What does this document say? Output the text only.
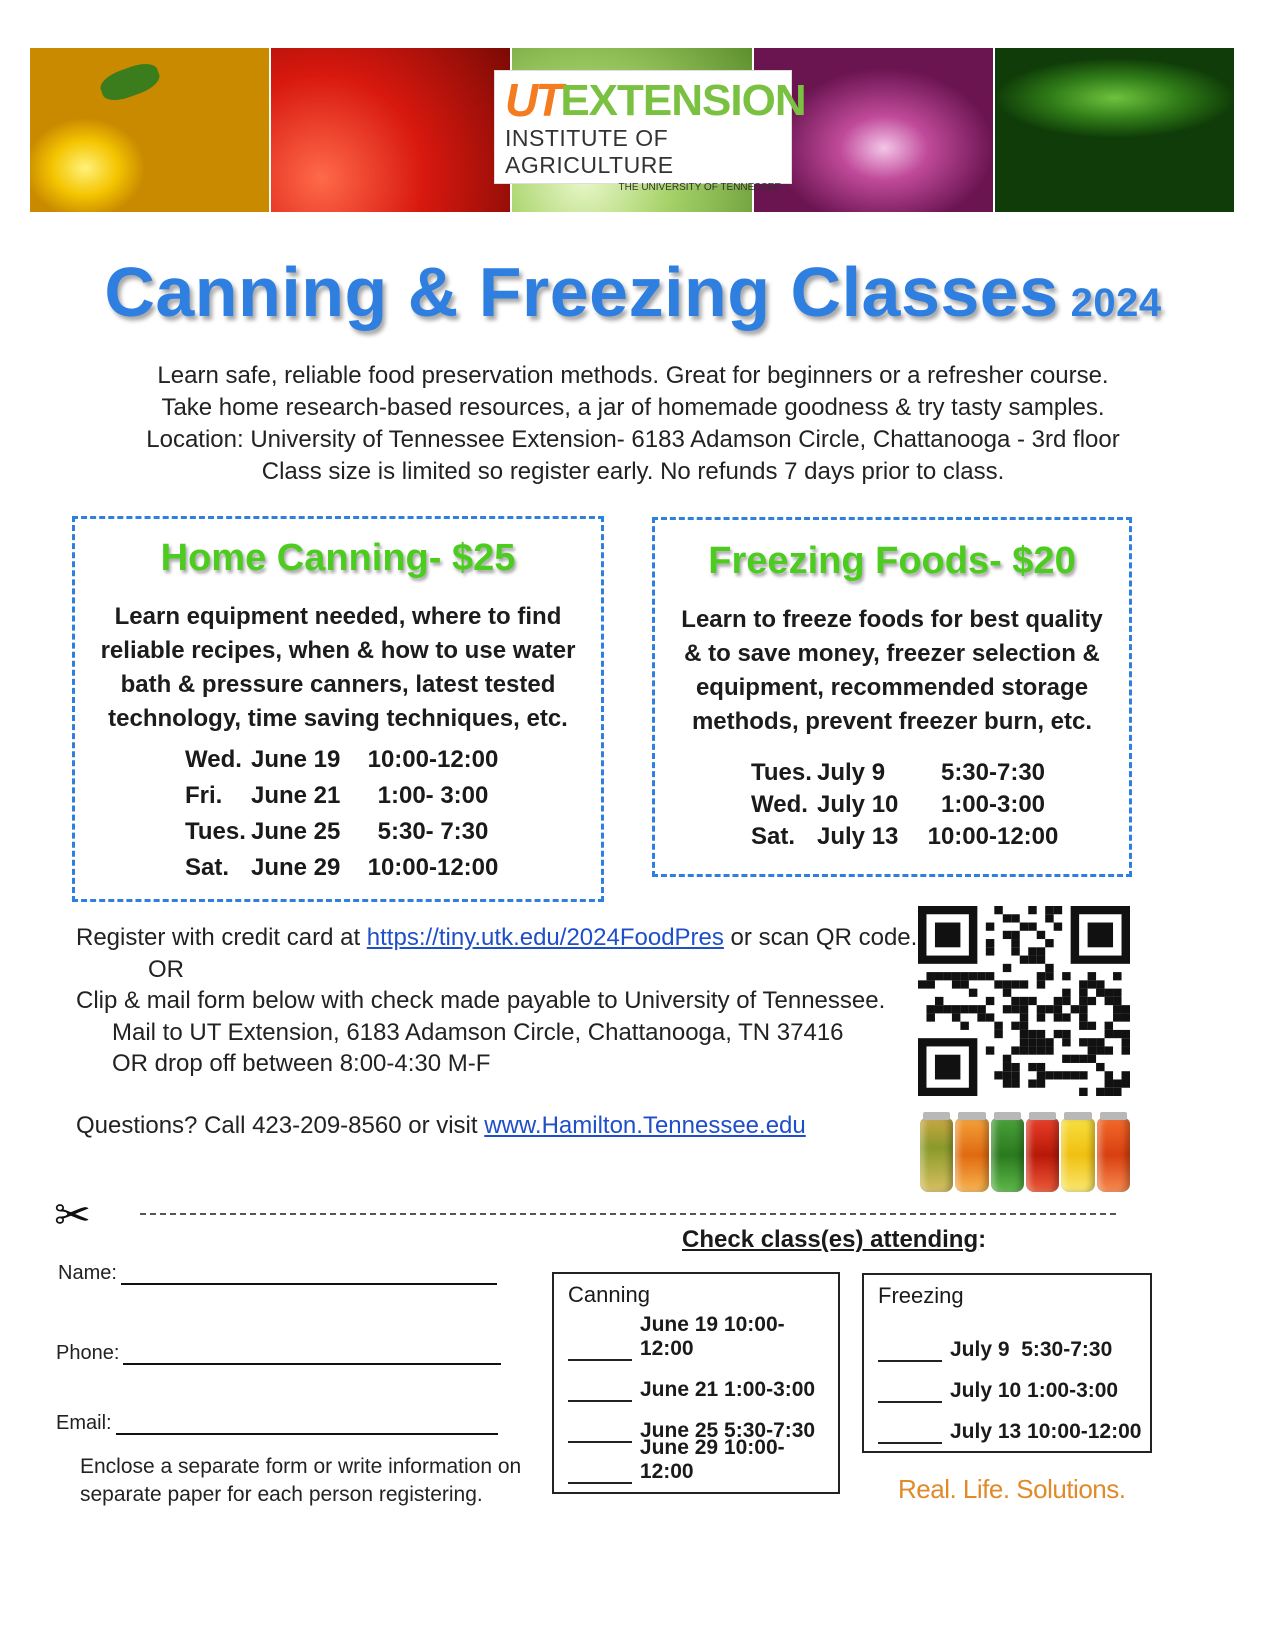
UT EXTENSION
INSTITUTE OF AGRICULTURE
THE UNIVERSITY OF TENNESSEE
Canning & Freezing Classes 2024
Learn safe, reliable food preservation methods. Great for beginners or a refresher course.
Take home research-based resources, a jar of homemade goodness & try tasty samples.
Location: University of Tennessee Extension- 6183 Adamson Circle, Chattanooga - 3rd floor
Class size is limited so register early. No refunds 7 days prior to class.
Home Canning- $25
Learn equipment needed, where to find
reliable recipes, when & how to use water
bath & pressure canners, latest tested
technology, time saving techniques, etc.
Wed. June 19	10:00-12:00
Fri.	June 21	1:00- 3:00
Tues. June 25	5:30- 7:30
Sat. June 29	10:00-12:00
Freezing Foods- $20
Learn to freeze foods for best quality
& to save money, freezer selection &
equipment, recommended storage
methods, prevent freezer burn, etc.
Tues. July 9	5:30-7:30
Wed. July 10	1:00-3:00
Sat. July 13	10:00-12:00
Register with credit card at https://tiny.utk.edu/2024FoodPres or scan QR code.
OR
Clip & mail form below with check made payable to University of Tennessee.
Mail to UT Extension, 6183 Adamson Circle, Chattanooga, TN 37416
OR drop off between 8:00-4:30 M-F
Questions? Call 423-209-8560 or visit www.Hamilton.Tennessee.edu
✂
Name:
Phone:
Email:
Enclose a separate form or write information on
separate paper for each person registering.
Check class(es) attending:
Canning
June 19 10:00-12:00
June 21 1:00-3:00
June 25 5:30-7:30
June 29 10:00-12:00
Freezing
July 9  5:30-7:30
July 10 1:00-3:00
July 13 10:00-12:00
Real. Life. Solutions.
